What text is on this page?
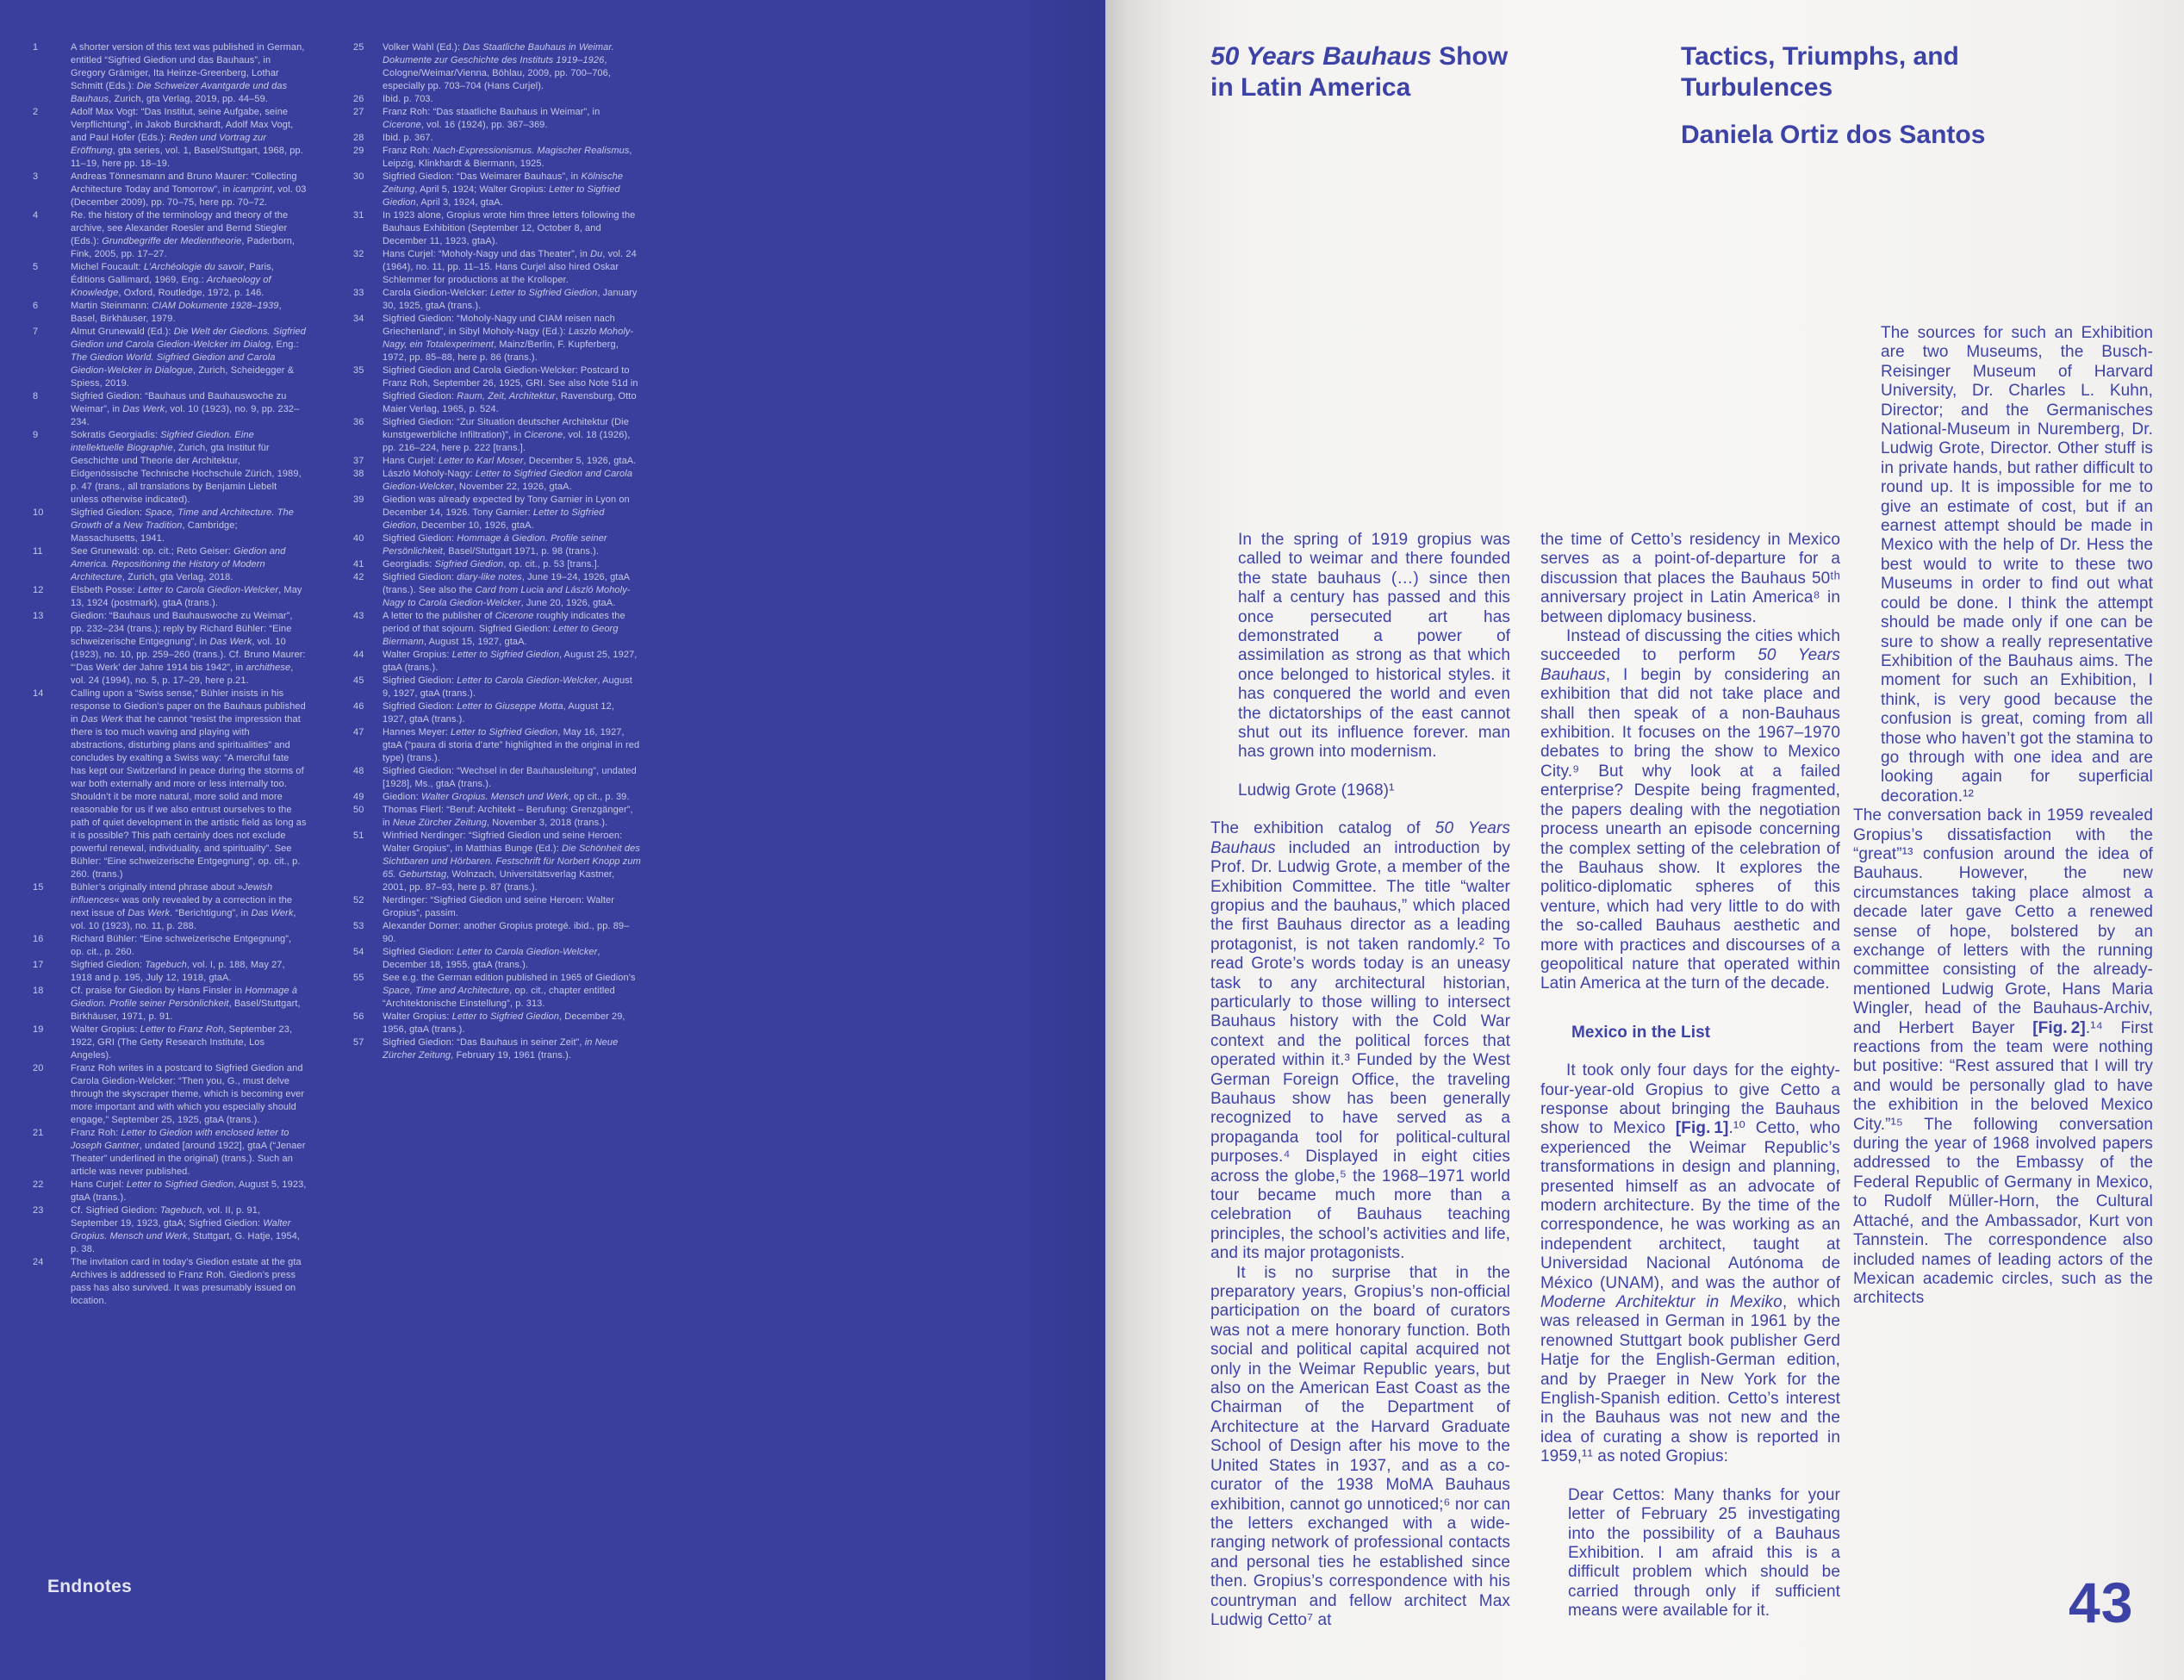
1	A shorter version of this text was published in German, entitled “Sigfried Giedion und das Bauhaus”, in Gregory Grämiger, Ita Heinze-Greenberg, Lothar Schmitt (Eds.): Die Schweizer Avantgarde und das Bauhaus, Zurich, gta Verlag, 2019, pp. 44–59.
2	Adolf Max Vogt: “Das Institut, seine Aufgabe, seine Verpflichtung”, in Jakob Burckhardt, Adolf Max Vogt, and Paul Hofer (Eds.): Reden und Vortrag zur Eröffnung, gta series, vol. 1, Basel/Stuttgart, 1968, pp. 11–19, here pp. 18–19.
3	Andreas Tönnesmann and Bruno Maurer: “Collecting Architecture Today and Tomorrow”, in icamprint, vol. 03 (December 2009), pp. 70–75, here pp. 70–72.
4	Re. the history of the terminology and theory of the archive, see Alexander Roesler and Bernd Stiegler (Eds.): Grundbegriffe der Medientheorie, Paderborn, Fink, 2005, pp. 17–27.
5	Michel Foucault: L’Archéologie du savoir, Paris, Éditions Gallimard, 1969, Eng.: Archaeology of Knowledge, Oxford, Routledge, 1972, p. 146.
6	Martin Steinmann: CIAM Dokumente 1928–1939, Basel, Birkhäuser, 1979.
7	Almut Grunewald (Ed.): Die Welt der Giedions. Sigfried Giedion und Carola Giedion-Welcker im Dialog, Eng.: The Giedion World. Sigfried Giedion and Carola Giedion-Welcker in Dialogue, Zurich, Scheidegger & Spiess, 2019.
8	Sigfried Giedion: “Bauhaus und Bauhauswoche zu Weimar”, in Das Werk, vol. 10 (1923), no. 9, pp. 232–234.
9	Sokratis Georgiadis: Sigfried Giedion. Eine intellektuelle Biographie, Zurich, gta Institut für Geschichte und Theorie der Architektur, Eidgenössische Technische Hochschule Zürich, 1989, p. 47 (trans., all translations by Benjamin Liebelt unless otherwise indicated).
10	Sigfried Giedion: Space, Time and Architecture. The Growth of a New Tradition, Cambridge; Massachusetts, 1941.
11	See Grunewald: op. cit.; Reto Geiser: Giedion and America. Repositioning the History of Modern Architecture, Zurich, gta Verlag, 2018.
12	Elsbeth Posse: Letter to Carola Giedion-Welcker, May 13, 1924 (postmark), gtaA (trans.).
13	Giedion: “Bauhaus und Bauhauswoche zu Weimar”, pp. 232–234 (trans.); reply by Richard Bühler: “Eine schweizerische Entgegnung”, in Das Werk, vol. 10 (1923), no. 10, pp. 259–260 (trans.). Cf. Bruno Maurer: “‘Das Werk’ der Jahre 1914 bis 1942”, in archithese, vol. 24 (1994), no. 5, p. 17–29, here p.21.
14	Calling upon a “Swiss sense,” Bühler insists in his response to Giedion’s paper on the Bauhaus published in Das Werk that he cannot “resist the impression that there is too much waving and playing with abstractions, disturbing plans and spiritualities” and concludes by exalting a Swiss way: “A merciful fate has kept our Switzerland in peace during the storms of war both externally and more or less internally too. Shouldn’t it be more natural, more solid and more reasonable for us if we also entrust ourselves to the path of quiet development in the artistic field as long as it is possible? This path certainly does not exclude powerful renewal, individuality, and spirituality”. See Bühler: “Eine schweizerische Entgegnung”, op. cit., p. 260. (trans.)
15	Bühler’s originally intend phrase about »Jewish influences« was only revealed by a correction in the next issue of Das Werk. “Berichtigung”, in Das Werk, vol. 10 (1923), no. 11, p. 288.
16	Richard Bühler: “Eine schweizerische Entgegnung”, op. cit., p. 260.
17	Sigfried Giedion: Tagebuch, vol. I, p. 188, May 27, 1918 and p. 195, July 12, 1918, gtaA.
18	Cf. praise for Giedion by Hans Finsler in Hommage à Giedion. Profile seiner Persönlichkeit, Basel/Stuttgart, Birkhäuser, 1971, p. 91.
19	Walter Gropius: Letter to Franz Roh, September 23, 1922, GRI (The Getty Research Institute, Los Angeles).
20	Franz Roh writes in a postcard to Sigfried Giedion and Carola Giedion-Welcker: “Then you, G., must delve through the skyscraper theme, which is becoming ever more important and with which you especially should engage,” September 25, 1925, gtaA (trans.).
21	Franz Roh: Letter to Giedion with enclosed letter to Joseph Gantner, undated [around 1922], gtaA (“Jenaer Theater” underlined in the original) (trans.). Such an article was never published.
22	Hans Curjel: Letter to Sigfried Giedion, August 5, 1923, gtaA (trans.).
23	Cf. Sigfried Giedion: Tagebuch, vol. II, p. 91, September 19, 1923, gtaA; Sigfried Giedion: Walter Gropius. Mensch und Werk, Stuttgart, G. Hatje, 1954, p. 38.
24	The invitation card in today’s Giedion estate at the gta Archives is addressed to Franz Roh. Giedion’s press pass has also survived. It was presumably issued on location.
25 Volker Wahl (Ed.): Das Staatliche Bauhaus in Weimar. Dokumente zur Geschichte des Instituts 1919–1926, Cologne/Weimar/Vienna, Böhlau, 2009, pp. 700–706, especially pp. 703–704 (Hans Curjel).
26 Ibid. p. 703.
27 Franz Roh: “Das staatliche Bauhaus in Weimar”, in Cicerone, vol. 16 (1924), pp. 367–369.
28 Ibid. p. 367.
29 Franz Roh: Nach-Expressionismus. Magischer Realismus, Leipzig, Klinkhardt & Biermann, 1925.
30 Sigfried Giedion: “Das Weimarer Bauhaus”, in Kölnische Zeitung, April 5, 1924; Walter Gropius: Letter to Sigfried Giedion, April 3, 1924, gtaA.
31 In 1923 alone, Gropius wrote him three letters following the Bauhaus Exhibition (September 12, October 8, and December 11, 1923, gtaA).
32 Hans Curjel: “Moholy-Nagy und das Theater”, in Du, vol. 24 (1964), no. 11, pp. 11–15. Hans Curjel also hired Oskar Schlemmer for productions at the Krolloper.
33 Carola Giedion-Welcker: Letter to Sigfried Giedion, January 30, 1925, gtaA (trans.).
34 Sigfried Giedion: “Moholy-Nagy und CIAM reisen nach Griechenland”, in Sibyl Moholy-Nagy (Ed.): Laszlo Moholy-Nagy, ein Totalexperiment, Mainz/Berlin, F. Kupferberg, 1972, pp. 85–88, here p. 86 (trans.).
35 Sigfried Giedion and Carola Giedion-Welcker: Postcard to Franz Roh, September 26, 1925, GRI. See also Note 51d in Sigfried Giedion: Raum, Zeit, Architektur, Ravensburg, Otto Maier Verlag, 1965, p. 524.
36 Sigfried Giedion: “Zur Situation deutscher Architektur (Die kunstgewerbliche Infiltration)”, in Cicerone, vol. 18 (1926), pp. 216–224, here p. 222 [trans.].
37 Hans Curjel: Letter to Karl Moser, December 5, 1926, gtaA.
38 László Moholy-Nagy: Letter to Sigfried Giedion and Carola Giedion-Welcker, November 22, 1926, gtaA.
39 Giedion was already expected by Tony Garnier in Lyon on December 14, 1926. Tony Garnier: Letter to Sigfried Giedion, December 10, 1926, gtaA.
40 Sigfried Giedion: Hommage à Giedion. Profile seiner Persönlichkeit, Basel/Stuttgart 1971, p. 98 (trans.).
41 Georgiadis: Sigfried Giedion, op. cit., p. 53 [trans.].
42 Sigfried Giedion: diary-like notes, June 19–24, 1926, gtaA (trans.). See also the Card from Lucia and László Moholy-Nagy to Carola Giedion-Welcker, June 20, 1926, gtaA.
43 A letter to the publisher of Cicerone roughly indicates the period of that sojourn. Sigfried Giedion: Letter to Georg Biermann, August 15, 1927, gtaA.
44 Walter Gropius: Letter to Sigfried Giedion, August 25, 1927, gtaA (trans.).
45 Sigfried Giedion: Letter to Carola Giedion-Welcker, August 9, 1927, gtaA (trans.).
46 Sigfried Giedion: Letter to Giuseppe Motta, August 12, 1927, gtaA (trans.).
47 Hannes Meyer: Letter to Sigfried Giedion, May 16, 1927, gtaA (“paura di storia d’arte” highlighted in the original in red type) (trans.).
48 Sigfried Giedion: “Wechsel in der Bauhausleitung”, undated [1928], Ms., gtaA (trans.).
49 Giedion: Walter Gropius. Mensch und Werk, op cit., p. 39.
50 Thomas Flierl: “Beruf: Architekt – Berufung: Grenzgänger”, in Neue Zürcher Zeitung, November 3, 2018 (trans.).
51 Winfried Nerdinger: “Sigfried Giedion und seine Heroen: Walter Gropius”, in Matthias Bunge (Ed.): Die Schönheit des Sichtbaren und Hörbaren. Festschrift für Norbert Knopp zum 65. Geburtstag, Wolnzach, Universitätsverlag Kastner, 2001, pp. 87–93, here p. 87 (trans.).
52 Nerdinger: “Sigfried Giedion und seine Heroen: Walter Gropius”, passim.
53 Alexander Dorner: another Gropius protegé. ibid., pp. 89–90.
54 Sigfried Giedion: Letter to Carola Giedion-Welcker, December 18, 1955, gtaA (trans.).
55 See e.g. the German edition published in 1965 of Giedion’s Space, Time and Architecture, op. cit., chapter entitled “Architektonische Einstellung”, p. 313.
56 Walter Gropius: Letter to Sigfried Giedion, December 29, 1956, gtaA (trans.).
57 Sigfried Giedion: “Das Bauhaus in seiner Zeit”, in Neue Zürcher Zeitung, February 19, 1961 (trans.).
Endnotes
50 Years Bauhaus Show
in Latin America
Tactics, Triumphs, and
Turbulences
Daniela Ortiz dos Santos
In the spring of 1919 gropius was called to weimar and there founded the state bauhaus (…) since then half a century has passed and this once persecuted art has demonstrated a power of assimilation as strong as that which once belonged to historical styles. it has conquered the world and even the dictatorships of the east cannot shut out its influence forever. man has grown into modernism.
Ludwig Grote (1968)¹

The exhibition catalog of 50 Years Bauhaus included an introduction by Prof. Dr. Ludwig Grote, a member of the Exhibition Committee. The title “walter gropius and the bauhaus,” which placed the first Bauhaus director as a leading protagonist, is not taken randomly.² To read Grote’s words today is an uneasy task to any architectural historian, particularly to those willing to intersect Bauhaus history with the Cold War context and the political forces that operated within it.³ Funded by the West German Foreign Office, the traveling Bauhaus show has been generally recognized to have served as a propaganda tool for political-cultural purposes.⁴ Displayed in eight cities across the globe,⁵ the 1968–1971 world tour became much more than a celebration of Bauhaus teaching principles, the school’s activities and life, and its major protagonists.

It is no surprise that in the preparatory years, Gropius’s non-official participation on the board of curators was not a mere honorary function. Both social and political capital acquired not only in the Weimar Republic years, but also on the American East Coast as the Chairman of the Department of Architecture at the Harvard Graduate School of Design after his move to the United States in 1937, and as a co-curator of the 1938 MoMA Bauhaus exhibition, cannot go unnoticed;⁶ nor can the letters exchanged with a wide-ranging network of professional contacts and personal ties he established since then. Gropius’s correspondence with his countryman and fellow architect Max Ludwig Cetto⁷ at

the time of Cetto’s residency in Mexico serves as a point-of-departure for a discussion that places the Bauhaus 50ᵗʰ anniversary project in Latin America⁸ in between diplomacy business.

Instead of discussing the cities which succeeded to perform 50 Years Bauhaus, I begin by considering an exhibition that did not take place and shall then speak of a non-Bauhaus exhibition. It focuses on the 1967–1970 debates to bring the show to Mexico City.⁹ But why look at a failed enterprise? Despite being fragmented, the papers dealing with the negotiation process unearth an episode concerning the complex setting of the celebration of the Bauhaus show. It explores the politico-diplomatic spheres of this venture, which had very little to do with the so-called Bauhaus aesthetic and more with practices and discourses of a geopolitical nature that operated within Latin America at the turn of the decade.

Mexico in the List

It took only four days for the eighty-four-year-old Gropius to give Cetto a response about bringing the Bauhaus show to Mexico [Fig. 1].¹⁰ Cetto, who experienced the Weimar Republic’s transformations in design and planning, presented himself as an advocate of modern architecture. By the time of the correspondence, he was working as an independent architect, taught at Universidad Nacional Autónoma de México (UNAM), and was the author of Moderne Architektur in Mexiko, which was released in German in 1961 by the renowned Stuttgart book publisher Gerd Hatje for the English-German edition, and by Praeger in New York for the English-Spanish edition. Cetto’s interest in the Bauhaus was not new and the idea of curating a show is reported in 1959,¹¹ as noted Gropius:

Dear Cettos: Many thanks for your letter of February 25 investigating into the possibility of a Bauhaus Exhibition. I am afraid this is a difficult problem which should be carried through only if sufficient means were available for it.
The sources for such an Exhibition are two Museums, the Busch-Reisinger Museum of Harvard University, Dr. Charles L. Kuhn, Director; and the Germanisches National-Museum in Nuremberg, Dr. Ludwig Grote, Director. Other stuff is in private hands, but rather difficult to round up. It is impossible for me to give an estimate of cost, but if an earnest attempt should be made in Mexico with the help of Dr. Hess the best would to write to these two Museums in order to find out what could be done. I think the attempt should be made only if one can be sure to show a really representative Exhibition of the Bauhaus aims. The moment for such an Exhibition, I think, is very good because the confusion is great, coming from all those who haven’t got the stamina to go through with one idea and are looking again for superficial decoration.¹²

The conversation back in 1959 revealed Gropius’s dissatisfaction with the “great”¹³ confusion around the idea of Bauhaus. However, the new circumstances taking place almost a decade later gave Cetto a renewed sense of hope, bolstered by an exchange of letters with the running committee consisting of the already-mentioned Ludwig Grote, Hans Maria Wingler, head of the Bauhaus-Archiv, and Herbert Bayer [Fig. 2].¹⁴ First reactions from the team were nothing but positive: “Rest assured that I will try and would be personally glad to have the exhibition in the beloved Mexico City.”¹⁵ The following conversation during the year of 1968 involved papers addressed to the Embassy of the Federal Republic of Germany in Mexico, to Rudolf Müller-Horn, the Cultural Attaché, and the Ambassador, Kurt von Tannstein. The correspondence also included names of leading actors of the Mexican academic circles, such as the architects

43
